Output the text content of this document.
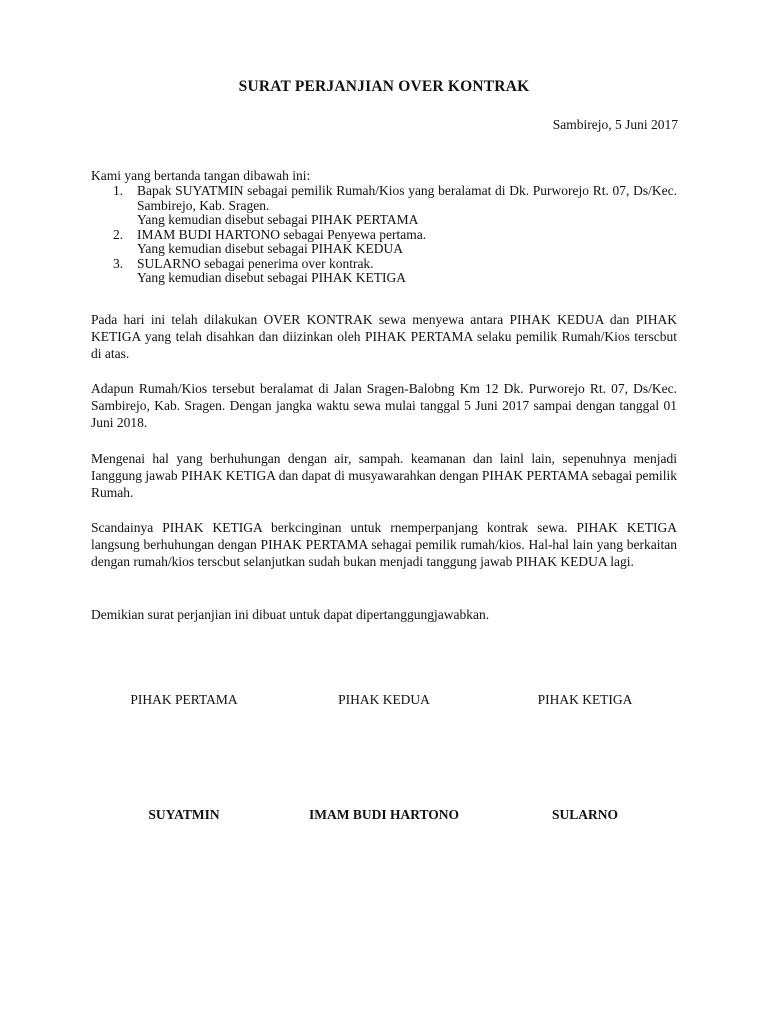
SURAT PERJANJIAN OVER KONTRAK
Sambirejo, 5 Juni 2017
Kami yang bertanda tangan dibawah ini:
1. Bapak SUYATMIN sebagai pemilik Rumah/Kios yang beralamat di Dk. Purworejo Rt. 07, Ds/Kec. Sambirejo, Kab. Sragen.
Yang kemudian disebut sebagai PIHAK PERTAMA
2. IMAM BUDI HARTONO sebagai Penyewa pertama.
Yang kemudian disebut sebagai PIHAK KEDUA
3. SULARNO sebagai penerima over kontrak.
Yang kemudian disebut sebagai PIHAK KETIGA
Pada hari ini telah dilakukan OVER KONTRAK sewa menyewa antara PIHAK KEDUA dan PIHAK KETIGA yang telah disahkan dan diizinkan oleh PIHAK PERTAMA selaku pemilik Rumah/Kios terscbut di atas.
Adapun Rumah/Kios tersebut beralamat di Jalan Sragen-Balobng Km 12 Dk. Purworejo Rt. 07, Ds/Kec. Sambirejo, Kab. Sragen. Dengan jangka waktu sewa mulai tanggal 5 Juni 2017 sampai dengan tanggal 01 Juni 2018.
Mengenai hal yang berhuhungan dengan air, sampah. keamanan dan lainl lain, sepenuhnya menjadi Ianggung jawab PIHAK KETIGA dan dapat di musyawarahkan dengan PIHAK PERTAMA sebagai pemilik Rumah.
Scandainya PIHAK KETIGA berkcinginan untuk rnemperpanjang kontrak sewa. PIHAK KETIGA langsung berhuhungan dengan PIHAK PERTAMA sehagai pemilik rumah/kios. Hal-hal lain yang berkaitan dengan rumah/kios terscbut selanjutkan sudah bukan menjadi tanggung jawab PIHAK KEDUA lagi.
Demikian surat perjanjian ini dibuat untuk dapat dipertanggungjawabkan.
PIHAK PERTAMA	PIHAK KEDUA	PIHAK KETIGA
SUYATMIN	IMAM BUDI HARTONO	SULARNO
